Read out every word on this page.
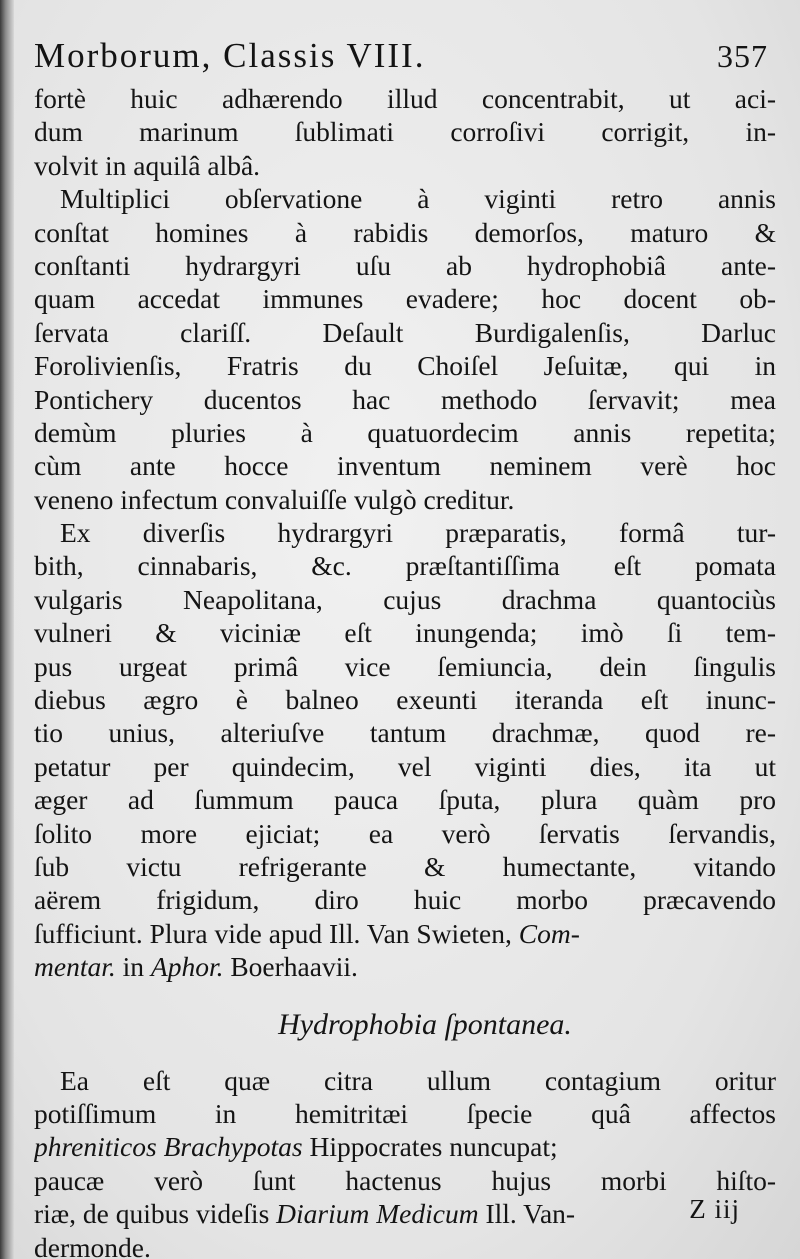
Morborum, Classis VIII.	357
fortè huic adhærendo illud concentrabit, ut aci-
dum marinum ſublimati corroſivi corrigit, in-
volvit in aquilâ albâ.
Multiplici obſervatione à viginti retro annis
conſtat homines à rabidis demorſos, maturo &
conſtanti hydrargyri uſu ab hydrophobiâ ante-
quam accedat immunes evadere; hoc docent ob-
ſervata clariſſ. Deſault Burdigalenſis, Darluc
Forolivienſis, Fratris du Choiſel Jeſuitæ, qui in
Pontichery ducentos hac methodo ſervavit; mea
demùm pluries à quatuordecim annis repetita;
cùm ante hocce inventum neminem verè hoc
veneno infectum convaluiſſe vulgò creditur.
Ex diverſis hydrargyri præparatis, formâ tur-
bith, cinnabaris, &c. præſtantiſſima eſt pomata
vulgaris Neapolitana, cujus drachma quantociùs
vulneri & viciniæ eſt inungenda; imò ſi tem-
pus urgeat primâ vice ſemiuncia, dein ſingulis
diebus ægro è balneo exeunti iteranda eſt inunc-
tio unius, alteriuſve tantum drachmæ, quod re-
petatur per quindecim, vel viginti dies, ita ut
æger ad ſummum pauca ſputa, plura quàm pro
ſolito more ejiciat; ea verò ſervatis ſervandis,
ſub victu refrigerante & humectante, vitando
aërem frigidum, diro huic morbo præcavendo
ſufficiunt. Plura vide apud Ill. Van Swieten, Com-
mentar. in Aphor. Boerhaavii.
Hydrophobia ſpontanea.
Ea eſt quæ citra ullum contagium oritur
potiſſimum in hemitritæi ſpecie quâ affectos
phreniticos Brachypotas Hippocrates nuncupat;
paucæ verò ſunt hactenus hujus morbi hiſto-
riæ, de quibus videſis Diarium Medicum Ill. Van-
dermonde.
Z iij
